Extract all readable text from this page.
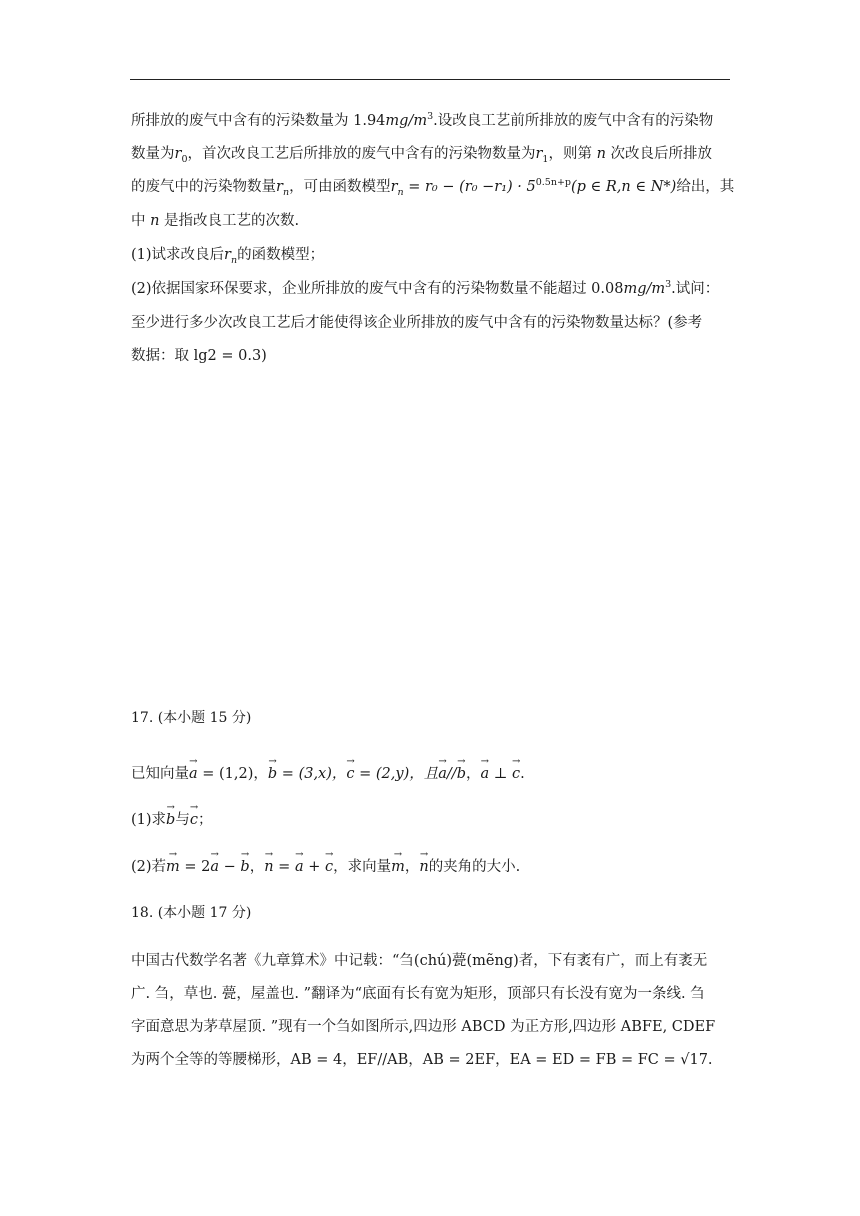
所排放的废气中含有的污染数量为 $1.94mg/m^3$.设改良工艺前所排放的废气中含有的污染物
数量为$r_0$，首次改良工艺后所排放的废气中含有的污染物数量为$r_1$，则第 n 次改良后所排放
的废气中的污染物数量$r_n$，可由函数模型$r_n = r_0 - (r_0 -r_1) \cdot 5^{0.5n+p}(p$ ∈ R,n ∈ N*)给出，其
中 n 是指改良工艺的次数.
(1)试求改良后$r_n$的函数模型；
(2)依据国家环保要求，企业所排放的废气中含有的污染物数量不能超过 $0.08mg/m^3$.试问：
至少进行多少次改良工艺后才能使得该企业所排放的废气中含有的污染物数量达标？(参考
数据：取 lg2 = 0.3)
17. (本小题 15 分)
已知向量→ a = (1,2)，→ b = (3,x)，→ c = (2,y)，且→ a//→ b，→ a ⊥ → c.
(1)求→ b与→ c；
(2)若→ m = 2→ a − → b，→ n = → a + → c，求向量→ m，→ n的夹角的大小.
18. (本小题 17 分)
中国古代数学名著《九章算术》中记载：“刍(chú)甍(mẽng)者，下有袤有广，而上有袤无
广. 刍，草也. 甍，屋盖也. ”翻译为“底面有长有宽为矩形，顶部只有长没有宽为一条线. 刍
字面意思为茅草屋顶. ”现有一个刍如图所示,四边形 ABCD 为正方形,四边形 ABFE, CDEF
为两个全等的等腰梯形，AB = 4，EF//AB，AB = 2EF，EA = ED = FB = FC = √17.
